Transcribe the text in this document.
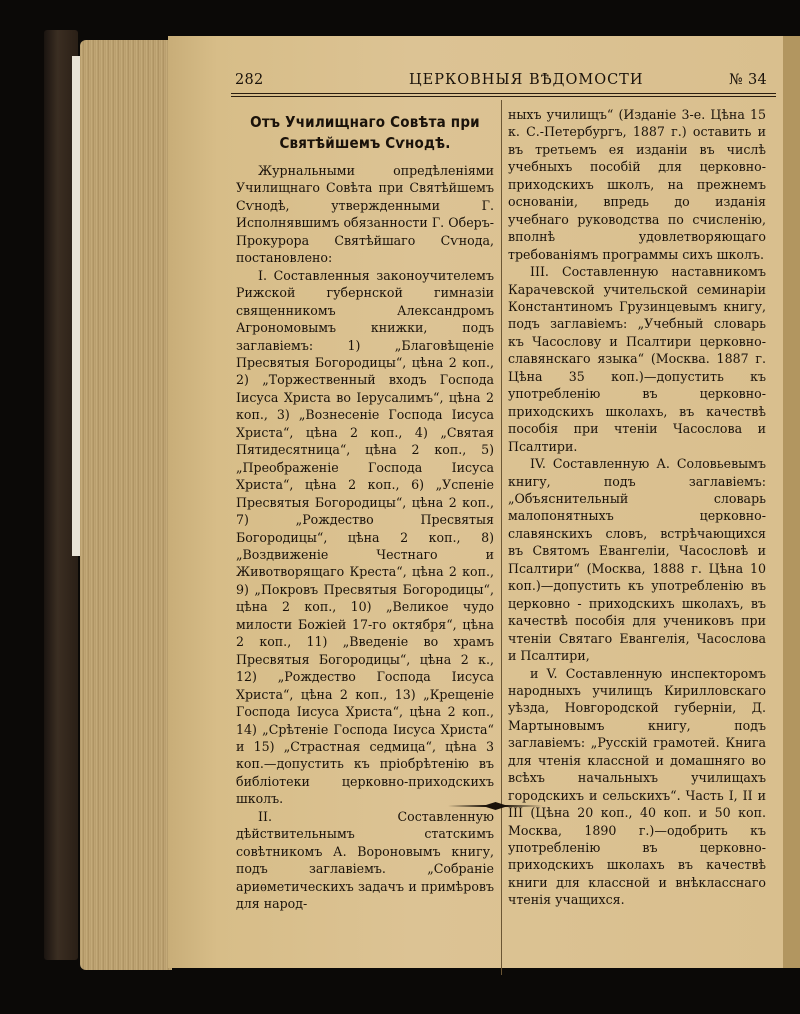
282	ЦЕРКОВНЫЯ ВѢДОМОСТИ	№ 34
Отъ Училищнаго Совѣта при Святѣйшемъ Сѵнодѣ.

Журнальными опредѣленіями Училищнаго Совѣта при Святѣйшемъ Сѵнодѣ, утвержденными Г. Исполнявшимъ обязанности Г. Оберъ-Прокурора Святѣйшаго Сѵнода, постановлено:

I. Составленныя законоучителемъ Рижской губернской гимназіи священникомъ Александромъ Агрономовымъ книжки, подъ заглавіемъ: 1) „Благовѣщеніе Пресвятыя Богородицы“, цѣна 2 коп., 2) „Торжественный входъ Господа Іисуса Христа во Іерусалимъ“, цѣна 2 коп., 3) „Вознесеніе Господа Іисуса Христа“, цѣна 2 коп., 4) „Святая Пятидесятница“, цѣна 2 коп., 5) „Преображеніе Господа Іисуса Христа“, цѣна 2 коп., 6) „Успеніе Пресвятыя Богородицы“, цѣна 2 коп., 7) „Рождество Пресвятыя Богородицы“, цѣна 2 коп., 8) „Воздвиженіе Честнаго и Животворящаго Креста“, цѣна 2 коп., 9) „Покровъ Пресвятыя Богородицы“, цѣна 2 коп., 10) „Великое чудо милости Божіей 17-го октября“, цѣна 2 коп., 11) „Введеніе во храмъ Пресвятыя Богородицы“, цѣна 2 к., 12) „Рождество Господа Іисуса Христа“, цѣна 2 коп., 13) „Крещеніе Господа Іисуса Христа“, цѣна 2 коп., 14) „Срѣтеніе Господа Іисуса Христа“ и 15) „Страстная седмица“, цѣна 3 коп.—допустить къ пріобрѣтенію въ библіотеки церковно-приходскихъ школъ.

II. Составленную дѣйствительнымъ статскимъ совѣтникомъ А. Вороновымъ книгу, подъ заглавіемъ. „Собраніе ариѳметическихъ задачъ и примѣровъ для народ-

ныхъ училищъ“ (Изданіе 3-е. Цѣна 15 к. С.-Петербургъ, 1887 г.) оставить и въ третьемъ ея изданіи въ числѣ учебныхъ пособій для церковно-приходскихъ школъ, на прежнемъ основаніи, впредь до изданія учебнаго руководства по счисленію, вполнѣ удовлетворяющаго требованіямъ программы сихъ школъ.

III. Составленную наставникомъ Карачевской учительской семинаріи Константиномъ Грузинцевымъ книгу, подъ заглавіемъ: „Учебный словарь къ Часослову и Псалтири церковно-славянскаго языка“ (Москва. 1887 г. Цѣна 35 коп.)—допустить къ употребленію въ церковно-приходскихъ школахъ, въ качествѣ пособія при чтеніи Часослова и Псалтири.

IV. Составленную А. Соловьевымъ книгу, подъ заглавіемъ: „Объяснительный словарь малопонятныхъ церковно-славянскихъ словъ, встрѣчающихся въ Святомъ Евангеліи, Часословѣ и Псалтири“ (Москва, 1888 г. Цѣна 10 коп.)—допустить къ употребленію въ церковно - приходскихъ школахъ, въ качествѣ пособія для учениковъ при чтеніи Святаго Евангелія, Часослова и Псалтири,

и V. Составленную инспекторомъ народныхъ училищъ Кирилловскаго уѣзда, Новгородской губерніи, Д. Мартыновымъ книгу, подъ заглавіемъ: „Русскій грамотей. Книга для чтенія классной и домашняго во всѣхъ начальныхъ училищахъ городскихъ и сельскихъ“. Часть I, II и III (Цѣна 20 коп., 40 коп. и 50 коп. Москва, 1890 г.)—одобрить къ употребленію въ церковно-приходскихъ школахъ въ качествѣ книги для классной и внѣкласснаго чтенія учащихся.
